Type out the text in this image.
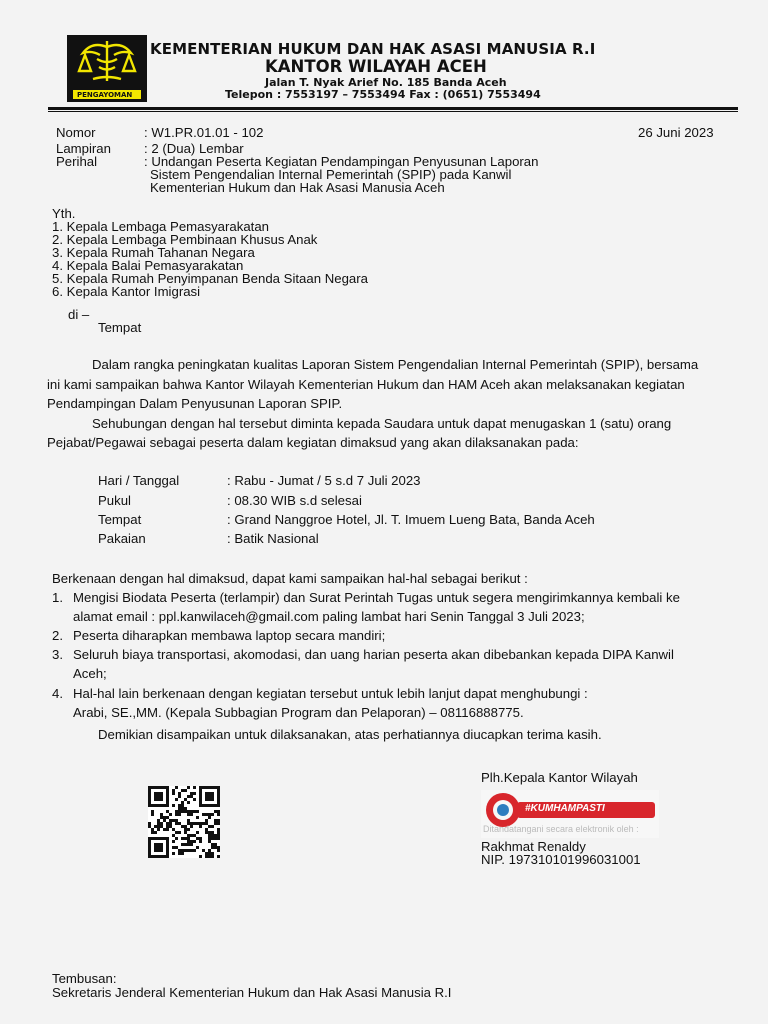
PENGAYOMAN
KEMENTERIAN HUKUM DAN HAK ASASI MANUSIA R.I
KANTOR WILAYAH ACEH
Jalan T. Nyak Arief No. 185 Banda Aceh
Telepon : 7553197 – 7553494 Fax : (0651) 7553494
Nomor	: W1.PR.01.01 - 102	26 Juni 2023
Lampiran	: 2 (Dua) Lembar
Perihal	: Undangan Peserta Kegiatan Pendampingan Penyusunan Laporan
Sistem Pengendalian Internal Pemerintah (SPIP) pada Kanwil
Kementerian Hukum dan Hak Asasi Manusia Aceh
Yth.
1. Kepala Lembaga Pemasyarakatan
2. Kepala Lembaga Pembinaan Khusus Anak
3. Kepala Rumah Tahanan Negara
4. Kepala Balai Pemasyarakatan
5. Kepala Rumah Penyimpanan Benda Sitaan Negara
6. Kepala Kantor Imigrasi
di –
Tempat
Dalam rangka peningkatan kualitas Laporan Sistem Pengendalian Internal Pemerintah (SPIP), bersama
ini kami sampaikan bahwa Kantor Wilayah Kementerian Hukum dan HAM Aceh akan melaksanakan kegiatan
Pendampingan Dalam Penyusunan Laporan SPIP.
Sehubungan dengan hal tersebut diminta kepada Saudara untuk dapat menugaskan 1 (satu) orang
Pejabat/Pegawai sebagai peserta dalam kegiatan dimaksud yang akan dilaksanakan pada:
Hari / Tanggal	: Rabu - Jumat / 5 s.d 7 Juli 2023
Pukul	: 08.30 WIB s.d selesai
Tempat	: Grand Nanggroe Hotel, Jl. T. Imuem Lueng Bata, Banda Aceh
Pakaian	: Batik Nasional
Berkenaan dengan hal dimaksud, dapat kami sampaikan hal-hal sebagai berikut :
1. Mengisi Biodata Peserta (terlampir) dan Surat Perintah Tugas untuk segera mengirimkannya kembali ke
alamat email : ppl.kanwilaceh@gmail.com paling lambat hari Senin Tanggal 3 Juli 2023;
2. Peserta diharapkan membawa laptop secara mandiri;
3. Seluruh biaya transportasi, akomodasi, dan uang harian peserta akan dibebankan kepada DIPA Kanwil
Aceh;
4. Hal-hal lain berkenaan dengan kegiatan tersebut untuk lebih lanjut dapat menghubungi :
Arabi, SE.,MM. (Kepala Subbagian Program dan Pelaporan) – 08116888775.
Demikian disampaikan untuk dilaksanakan, atas perhatiannya diucapkan terima kasih.
Plh.Kepala Kantor Wilayah
#KUMHAMPASTI
Ditandatangani secara elektronik oleh :
Rakhmat Renaldy
NIP. 197310101996031001
Tembusan:
Sekretaris Jenderal Kementerian Hukum dan Hak Asasi Manusia R.I
